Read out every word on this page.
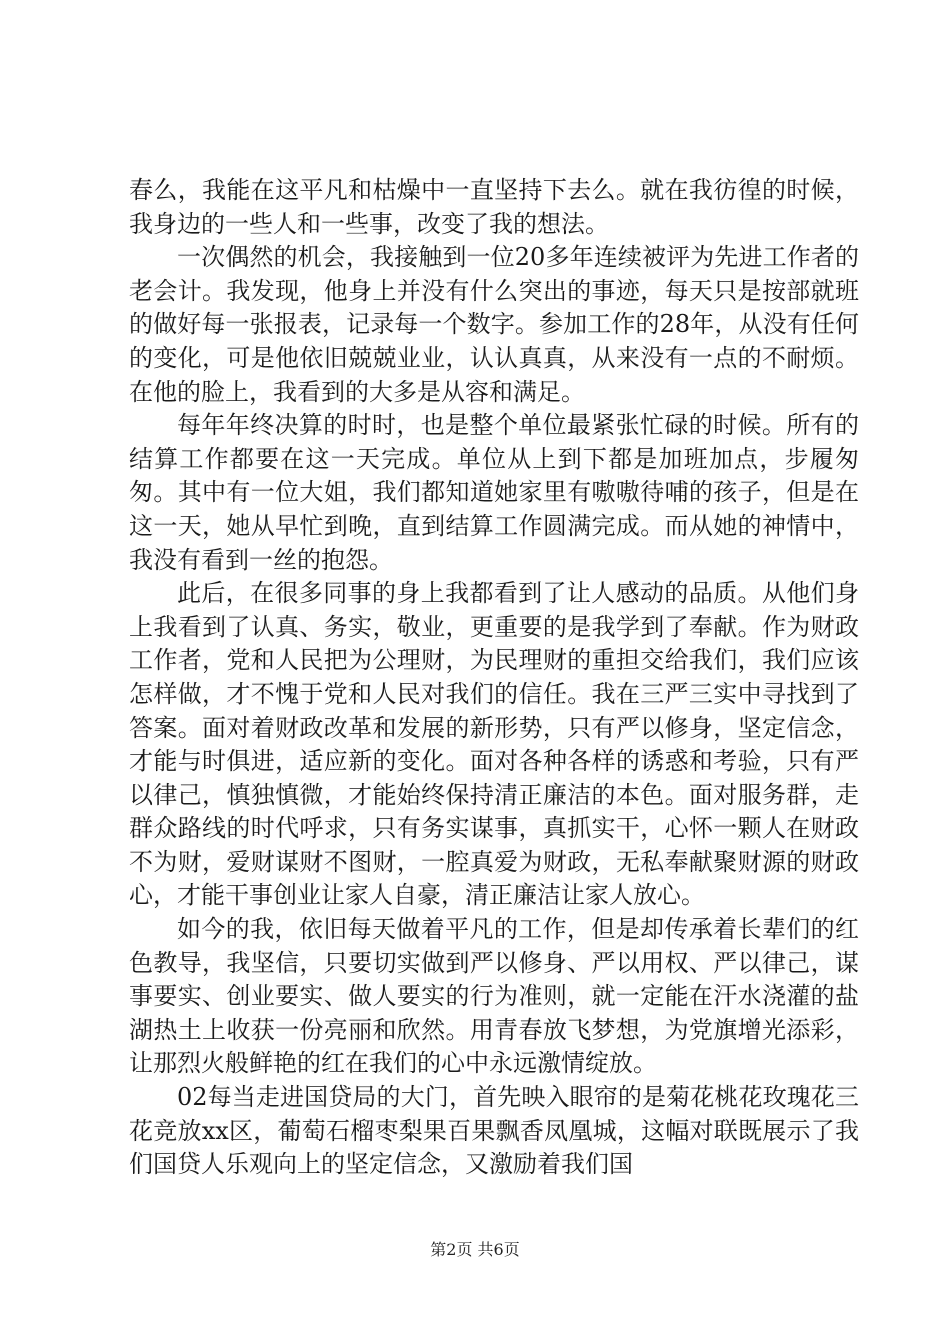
春么，我能在这平凡和枯燥中一直坚持下去么。就在我彷徨的时候，我身边的一些人和一些事，改变了我的想法。

一次偶然的机会，我接触到一位20多年连续被评为先进工作者的老会计。我发现，他身上并没有什么突出的事迹，每天只是按部就班的做好每一张报表，记录每一个数字。参加工作的28年，从没有任何的变化，可是他依旧兢兢业业，认认真真，从来没有一点的不耐烦。在他的脸上，我看到的大多是从容和满足。

每年年终决算的时时，也是整个单位最紧张忙碌的时候。所有的结算工作都要在这一天完成。单位从上到下都是加班加点，步履匆匆。其中有一位大姐，我们都知道她家里有嗷嗷待哺的孩子，但是在这一天，她从早忙到晚，直到结算工作圆满完成。而从她的神情中，我没有看到一丝的抱怨。

此后，在很多同事的身上我都看到了让人感动的品质。从他们身上我看到了认真、务实，敬业，更重要的是我学到了奉献。作为财政工作者，党和人民把为公理财，为民理财的重担交给我们，我们应该怎样做，才不愧于党和人民对我们的信任。我在三严三实中寻找到了答案。面对着财政改革和发展的新形势，只有严以修身，坚定信念，才能与时俱进，适应新的变化。面对各种各样的诱惑和考验，只有严以律己，慎独慎微，才能始终保持清正廉洁的本色。面对服务群，走群众路线的时代呼求，只有务实谋事，真抓实干，心怀一颗人在财政不为财，爱财谋财不图财，一腔真爱为财政，无私奉献聚财源的财政心，才能干事创业让家人自豪，清正廉洁让家人放心。

如今的我，依旧每天做着平凡的工作，但是却传承着长辈们的红色教导，我坚信，只要切实做到严以修身、严以用权、严以律己，谋事要实、创业要实、做人要实的行为准则，就一定能在汗水浇灌的盐湖热土上收获一份亮丽和欣然。用青春放飞梦想，为党旗增光添彩，让那烈火般鲜艳的红在我们的心中永远激情绽放。

02每当走进国贷局的大门，首先映入眼帘的是菊花桃花玫瑰花三花竞放xx区，葡萄石榴枣梨果百果飘香凤凰城，这幅对联既展示了我们国贷人乐观向上的坚定信念，又激励着我们国

第2页 共6页
